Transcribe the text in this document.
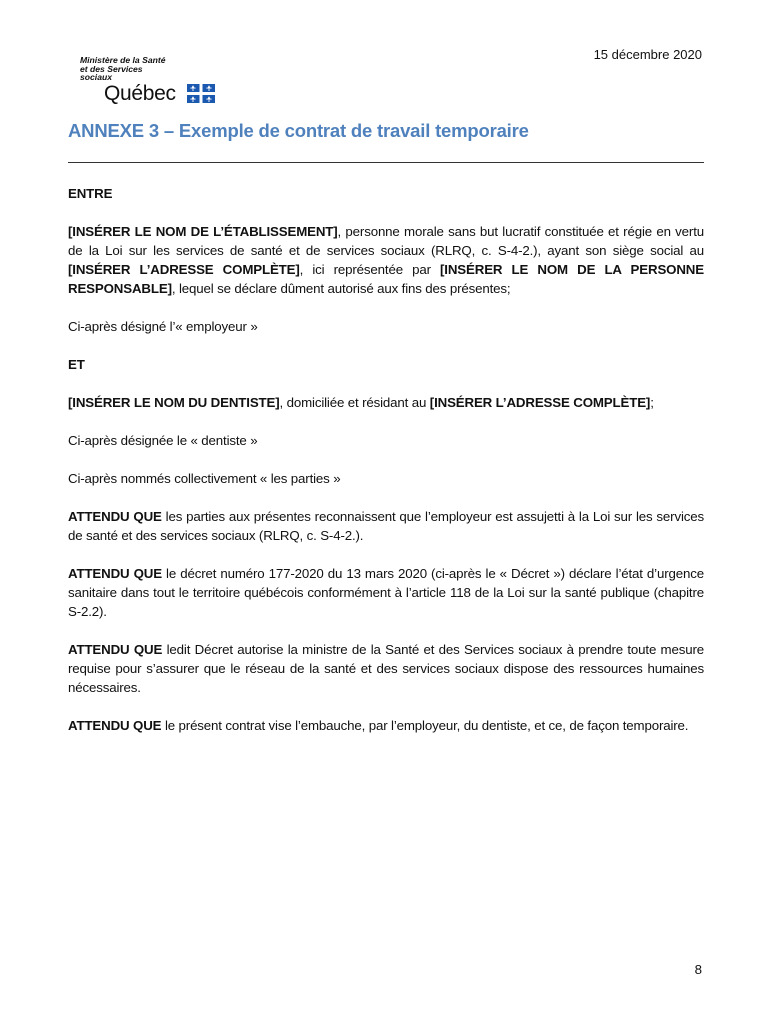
15 décembre 2020
Ministère de la Santé
et des Services
sociaux
Québec
ANNEXE 3 – Exemple de contrat de travail temporaire

ENTRE

[INSÉRER LE NOM DE L’ÉTABLISSEMENT], personne morale sans but lucratif constituée et régie en vertu de la Loi sur les services de santé et de services sociaux (RLRQ, c. S-4-2.), ayant son siège social au [INSÉRER L’ADRESSE COMPLÈTE], ici représentée par [INSÉRER LE NOM DE LA PERSONNE RESPONSABLE], lequel se déclare dûment autorisé aux fins des présentes;

Ci-après désigné l’« employeur »

ET

[INSÉRER LE NOM DU DENTISTE], domiciliée et résidant au [INSÉRER L’ADRESSE COMPLÈTE];

Ci-après désignée le « dentiste »

Ci-après nommés collectivement « les parties »

ATTENDU QUE les parties aux présentes reconnaissent que l’employeur est assujetti à la Loi sur les services de santé et des services sociaux (RLRQ, c. S-4-2.).

ATTENDU QUE le décret numéro 177-2020 du 13 mars 2020 (ci-après le « Décret ») déclare l’état d’urgence sanitaire dans tout le territoire québécois conformément à l’article 118 de la Loi sur la santé publique (chapitre S-2.2).

ATTENDU QUE ledit Décret autorise la ministre de la Santé et des Services sociaux à prendre toute mesure requise pour s’assurer que le réseau de la santé et des services sociaux dispose des ressources humaines nécessaires.

ATTENDU QUE le présent contrat vise l’embauche, par l’employeur, du dentiste, et ce, de façon temporaire.

8
